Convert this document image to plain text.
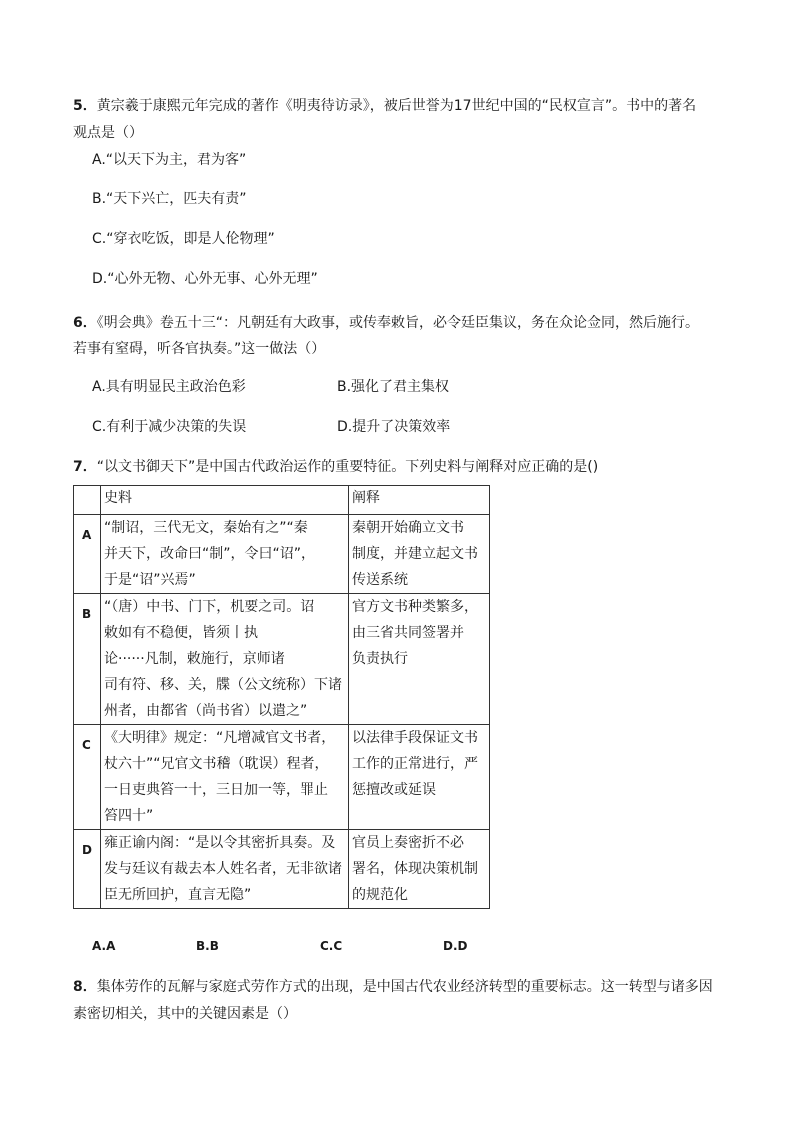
5．黄宗羲于康熙元年完成的著作《明夷待访录》，被后世誉为17世纪中国的“民权宣言”。书中的著名
观点是（）
A.“以天下为主，君为客”
B.“天下兴亡，匹夫有责”
C.“穿衣吃饭，即是人伦物理”
D.“心外无物、心外无事、心外无理”
6．《明会典》卷五十三“：凡朝廷有大政事，或传奉敕旨，必令廷臣集议，务在众论佥同，然后施行。
若事有窒碍，听各官执奏。”这一做法（）
A.具有明显民主政治色彩	B.强化了君主集权
C.有利于减少决策的失误	D.提升了决策效率
7．“以文书御天下”是中国古代政治运作的重要特征。下列史料与阐释对应正确的是()
	史料	阐释
A	“制诏，三代无文，秦始有之”“秦
并天下，改命曰“制”，令曰“诏”，
于是“诏”兴焉”	秦朝开始确立文书
制度，并建立起文书
传送系统

B	“（唐）中书、门下，机要之司。诏
敕如有不稳便，皆须丨执
论······凡制，敕施行，京师诸
司有符、移、关，牒（公文统称）下诸
州者，由都省（尚书省）以遣之”	官方文书种类繁多，
由三省共同签署并
负责执行

C	《大明律》规定：“凡增减官文书者，
杖六十”“兄官文书稽（耽误）程者，
一日吏典笞一十，三日加一等，罪止
笞四十”	以法律手段保证文书
工作的正常进行，严
惩擅改或延误

D	雍正谕内阁：“是以令其密折具奏。及
发与廷议有裁去本人姓名者，无非欲诸
臣无所回护，直言无隐”	官员上奏密折不必
署名，体现决策机制
的规范化
A.A	B.B	C.C	D.D
8．集体劳作的瓦解与家庭式劳作方式的出现，是中国古代农业经济转型的重要标志。这一转型与诸多因
素密切相关，其中的关键因素是（）
